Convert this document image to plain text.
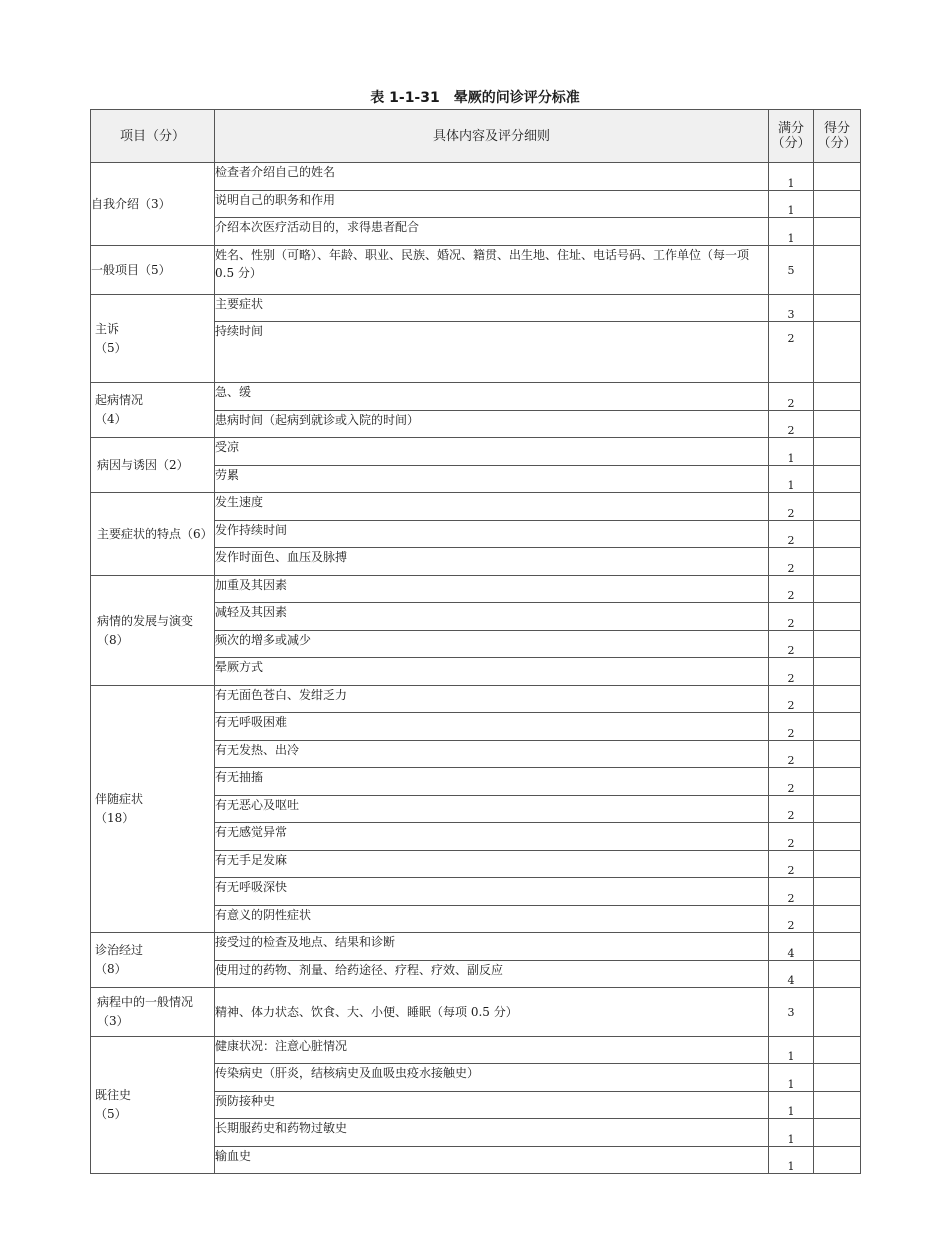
表 1-1-31　晕厥的问诊评分标准
项目（分）	具体内容及评分细则	满分（分）	得分（分）
自我介绍（3）	检查者介绍自己的姓名	1	
	说明自己的职务和作用	1	
	介绍本次医疗活动目的，求得患者配合	1	
一般项目（5）	姓名、性别（可略）、年龄、职业、民族、婚况、籍贯、出生地、住址、电话号码、工作单位（每一项 0.5 分）	5	

主诉（5）	主要症状	3	
	持续时间	2	

起病情况（4）	急、缓	2	
	患病时间（起病到就诊或入院的时间）	2	
病因与诱因（2）	受凉	1	
	劳累	1	
主要症状的特点（6）	发生速度	2	
	发作持续时间	2	
	发作时面色、血压及脉搏	2	
病情的发展与演变（8）	加重及其因素	2	
	减轻及其因素	2	
	频次的增多或减少	2	
	晕厥方式	2	

伴随症状（18）	有无面色苍白、发绀乏力	2	
	有无呼吸困难	2	
	有无发热、出冷	2	
	有无抽搐	2	
	有无恶心及呕吐	2	
	有无感觉异常	2	
	有无手足发麻	2	
	有无呼吸深快	2	
	有意义的阴性症状	2	

诊治经过（8）	接受过的检查及地点、结果和诊断	4	
	使用过的药物、剂量、给药途径、疗程、疗效、副反应	4	
病程中的一般情况（3）	精神、体力状态、饮食、大、小便、睡眠（每项 0.5 分）	3	

既往史（5）	健康状况：注意心脏情况	1	
	传染病史（肝炎，结核病史及血吸虫疫水接触史）	1	
	预防接种史	1	
	长期服药史和药物过敏史	1	
	输血史	1	
